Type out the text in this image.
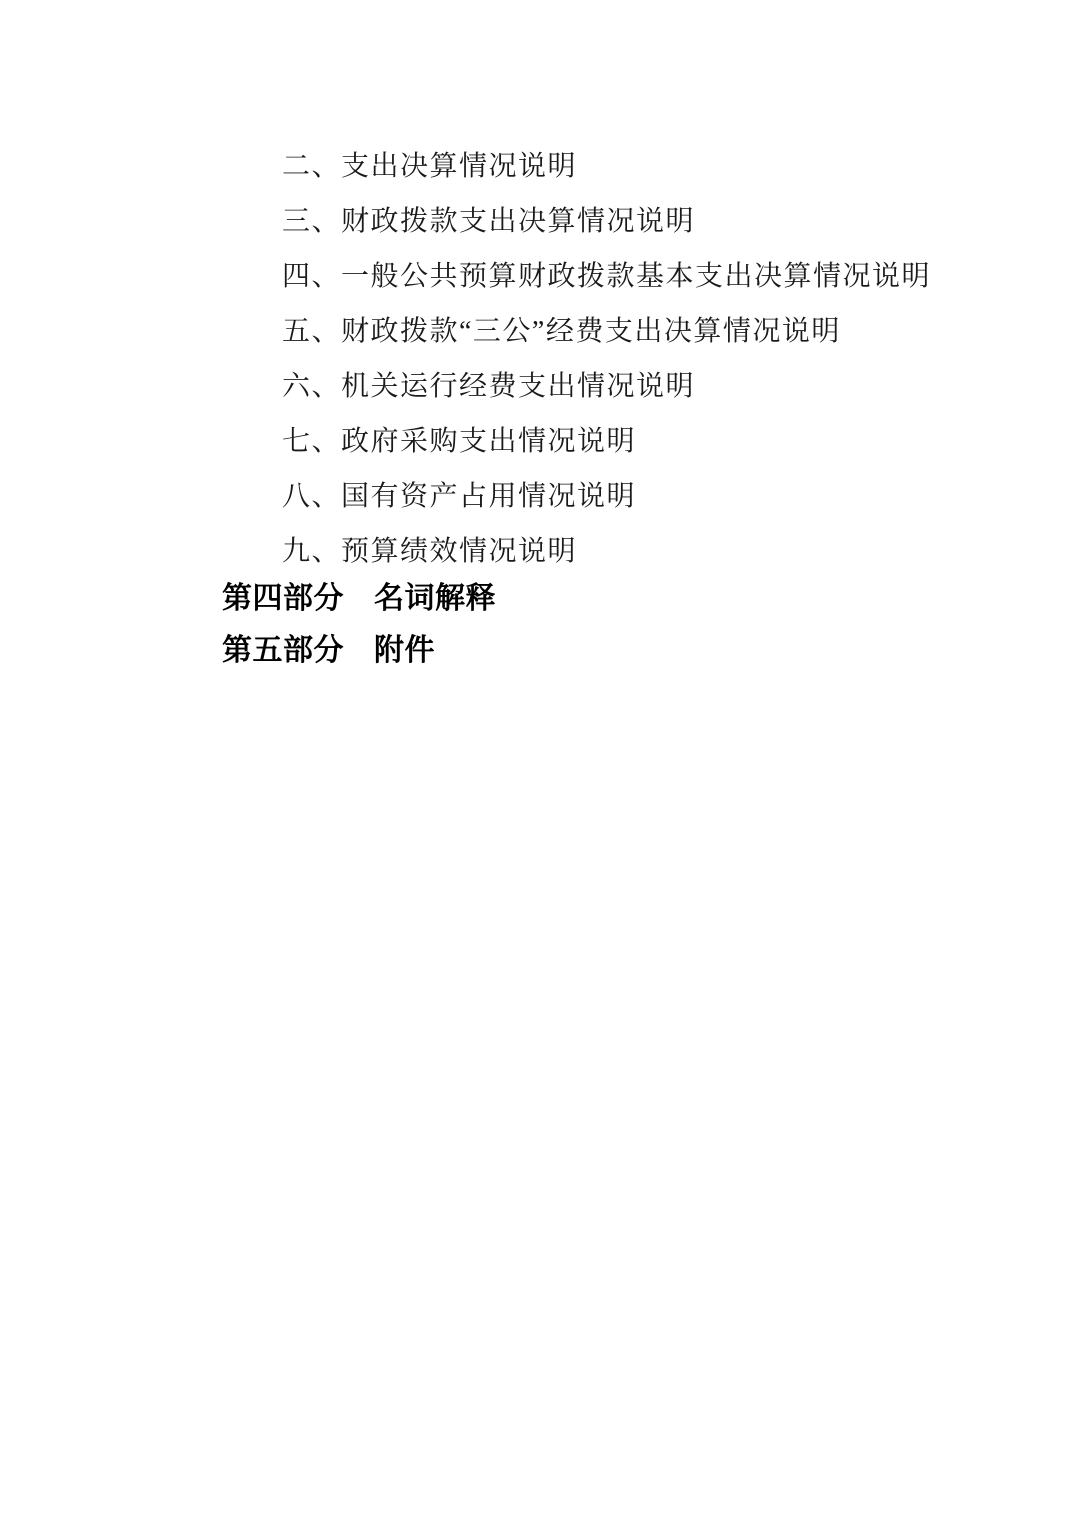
二、支出决算情况说明
三、财政拨款支出决算情况说明
四、一般公共预算财政拨款基本支出决算情况说明
五、财政拨款“三公”经费支出决算情况说明
六、机关运行经费支出情况说明
七、政府采购支出情况说明
八、国有资产占用情况说明
九、预算绩效情况说明
第四部分 名词解释
第五部分 附件
